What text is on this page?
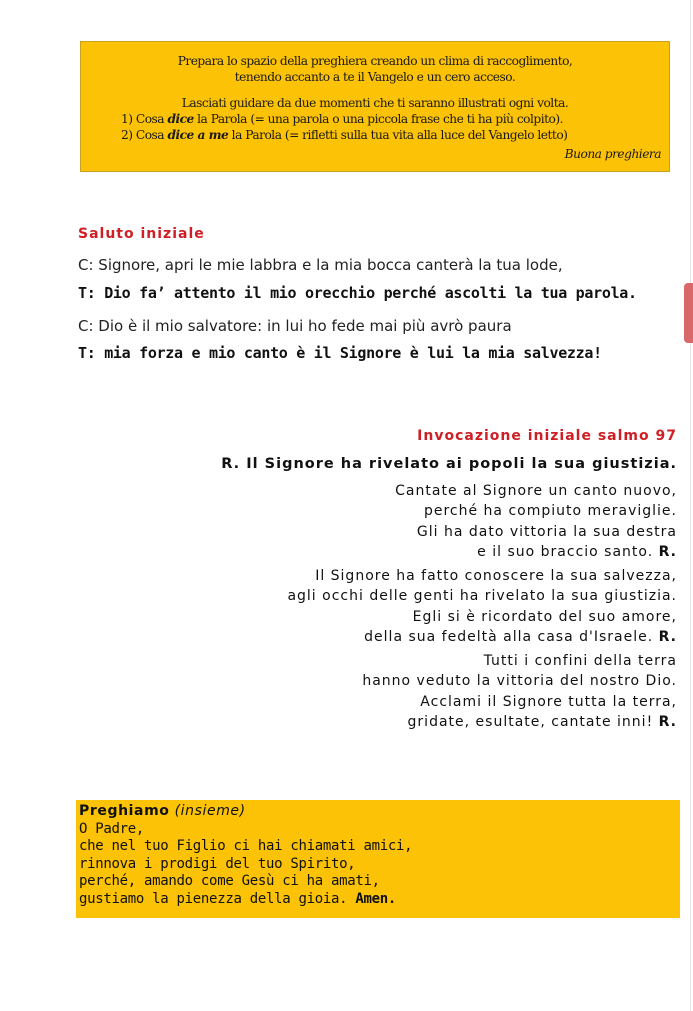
Prepara lo spazio della preghiera creando un clima di raccoglimento,
tenendo accanto a te il Vangelo e un cero acceso.
Lasciati guidare da due momenti che ti saranno illustrati ogni volta.
1) Cosa dice la Parola (= una parola o una piccola frase che ti ha più colpito).
2) Cosa dice a me la Parola (= rifletti sulla tua vita alla luce del Vangelo letto)
Buona preghiera
Saluto iniziale
C: Signore, apri le mie labbra e la mia bocca canterà la tua lode,
T: Dio fa’ attento il mio orecchio perché ascolti la tua parola.
C: Dio è il mio salvatore: in lui ho fede mai più avrò paura
T: mia forza e mio canto è il Signore è lui la mia salvezza!
Invocazione iniziale salmo 97
R. Il Signore ha rivelato ai popoli la sua giustizia.
Cantate al Signore un canto nuovo,
perché ha compiuto meraviglie.
Gli ha dato vittoria la sua destra
e il suo braccio santo. R.
Il Signore ha fatto conoscere la sua salvezza,
agli occhi delle genti ha rivelato la sua giustizia.
Egli si è ricordato del suo amore,
della sua fedeltà alla casa d'Israele. R.
Tutti i confini della terra
hanno veduto la vittoria del nostro Dio.
Acclami il Signore tutta la terra,
gridate, esultate, cantate inni! R.
Preghiamo (insieme)
O Padre,
che nel tuo Figlio ci hai chiamati amici,
rinnova i prodigi del tuo Spirito,
perché, amando come Gesù ci ha amati,
gustiamo la pienezza della gioia. Amen.
